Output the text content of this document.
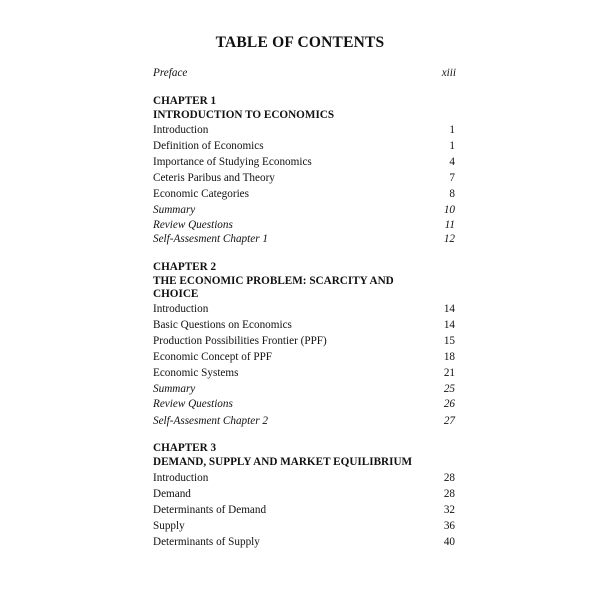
TABLE OF CONTENTS
Preface	xiii
CHAPTER 1
INTRODUCTION TO ECONOMICS
Introduction	1
Definition of Economics	1
Importance of Studying Economics	4
Ceteris Paribus and Theory	7
Economic Categories	8
Summary	10
Review Questions	11
Self-Assesment Chapter 1	12
CHAPTER 2
THE ECONOMIC PROBLEM: SCARCITY AND
CHOICE
Introduction	14
Basic Questions on Economics	14
Production Possibilities Frontier (PPF)	15
Economic Concept of PPF	18
Economic Systems	21
Summary	25
Review Questions	26
Self-Assesment Chapter 2	27
CHAPTER 3
DEMAND, SUPPLY AND MARKET EQUILIBRIUM
Introduction	28
Demand	28
Determinants of Demand	32
Supply	36
Determinants of Supply	40
